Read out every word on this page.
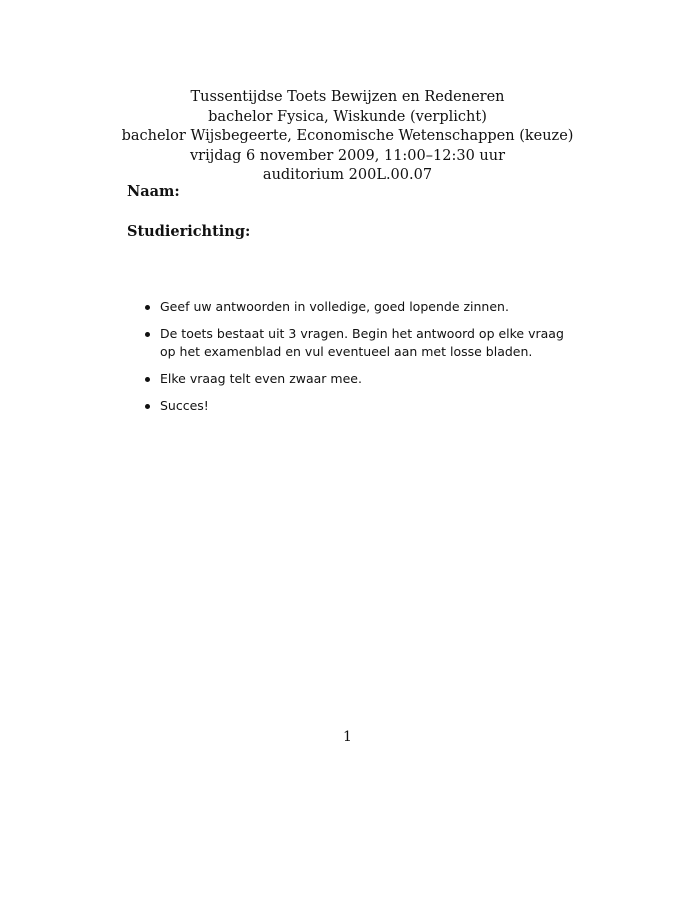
Tussentijdse Toets Bewijzen en Redeneren
bachelor Fysica, Wiskunde (verplicht)
bachelor Wijsbegeerte, Economische Wetenschappen (keuze)
vrijdag 6 november 2009, 11:00–12:30 uur
auditorium 200L.00.07
Naam:
Studierichting:
Geef uw antwoorden in volledige, goed lopende zinnen.
De toets bestaat uit 3 vragen. Begin het antwoord op elke vraag op het examenblad en vul eventueel aan met losse bladen.
Elke vraag telt even zwaar mee.
Succes!
1
